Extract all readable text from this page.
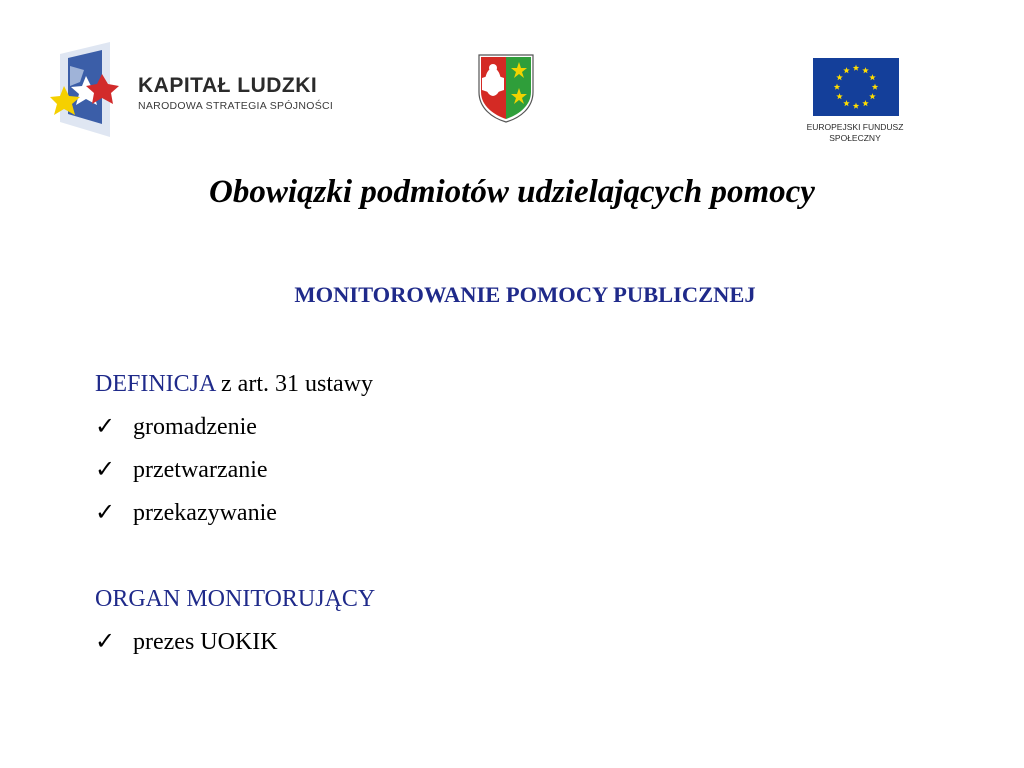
KAPITAŁ LUDZKI
NARODOWA STRATEGIA SPÓJNOŚCI
EUROPEJSKI FUNDUSZ
SPOŁECZNY
Obowiązki podmiotów udzielających pomocy
MONITOROWANIE POMOCY PUBLICZNEJ
DEFINICJA z art. 31 ustawy
✓ gromadzenie
✓ przetwarzanie
✓ przekazywanie
ORGAN MONITORUJĄCY
✓ prezes UOKIK
